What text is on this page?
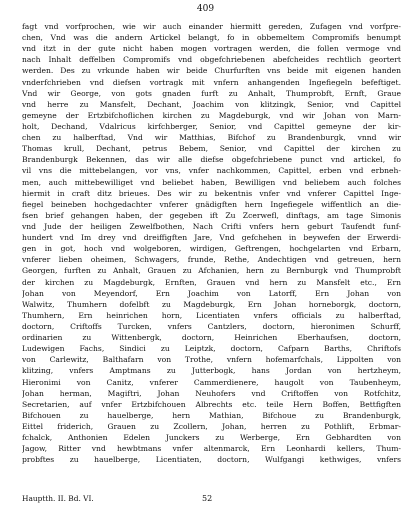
409
fagt vnd vorfprochen, wie wir auch einander hiermitt gereden, Zufagen vnd vorfpre-
chen, Vnd was die andern Artickel belangt, fo in obbemeltem Compromifs benumpt
vnd itzt in der gute nicht haben mogen vortragen werden, die follen vermoge vnd
nach Inhalt deffelben Compromifs vnd obgefchriebenen abefcheides rechtlich geortert
werden. Des zu vrkunde haben wir beide Churfurften vns beide mit eigenen handen
vnderfchrieben vnd diefsen vortragk mit vnfern anhangenden Ingefiegeln befeftiget.
Vnd wir George, von gots gnaden furft zu Anhalt, Thumprobft, Ernft, Graue
vnd herre zu Mansfelt, Dechant, Joachim von klitzingk, Senior, vnd Capittel
gemeyne der Ertzbifchoflichen kirchen zu Magdeburgk, vnd wir Johan von Marn-
holt, Dechand, Vdalricus kirfchberger, Senior, vnd Capittel gemeyne der kir-
chen zu halberftad, Vnd wir Matthias, Bifchof zu Brandenburgk, vnnd wir
Thomas krull, Dechant, petrus Bebem, Senior, vnd Capittel der kirchen zu
Brandenburgk Bekennen, das wir alle diefse obgefchriebene punct vnd artickel, fo
vil vns die mittebelangen, vor vns, vnfer nachkommen, Capittel, erben vnd erbneh-
men, auch mittebewilliget vnd beliebet haben, Bewilligen vnd beliebem auch folches
hiermit in craft ditz brieues. Des wir zu bekentnis vnfer vnd vnferer Capittel Inge-
fiegel beineben hochgedachter vnferer gnädigften hern Ingefiegele wiffentlich an die-
fsen brief gehangen haben, der gegeben ift Zu Zcerwefl, dinftags, am tage Simonis
vnd Jude der heiligen Zewelfbothen, Nach Crifti vnfers hern geburt Taufendt funf-
hundert vnd Im drey vnd dreiffigften Jare, Vnd gefchehen in beywefen der Erwerdi-
gen in got, hoch vnd wolgeboren, wirdigen, Geftrengen, hochgelarten vnd Erbarn,
vnferer lieben oheimen, Schwagers, frunde, Rethe, Andechtigen vnd getreuen, hern
Georgen, furften zu Anhalt, Grauen zu Afchanien, hern zu Bernburgk vnd Thumprobft
der kirchen zu Magdeburgk, Ernften, Grauen vnd hern zu Mansfelt etc., Ern
Johan von Meyendorf, Ern Joachim von Latorff, Ern Johan von
Walwitz, Thumhern dofelbft zu Magdeburgk, Ern Johan horneborgk, doctorn,
Thumhern, Ern heinrichen horn, Licentiaten vnfers officials zu halberftad,
doctorn, Criftoffs Turcken, vnfers Cantzlers, doctorn, hieronimen Schurff,
ordinarien zu Wittenbergk, doctorn, Heinrichen Eberhaufsen, doctorn,
Ludewigen Fachs, Sindici zu Leiptzk, doctorn, Cafparn Barths, Chriftofs
von Carlewitz, Balthafarn von Trothe, vnfern hofemarfchals, Lippolten von
klitzing, vnfers Amptmans zu Jutterbogk, hans Jordan von hertzheym,
Hieronimi von Canitz, vnferer Cammerdienere, haugolt von Taubenheym,
Johan herman, Magiftri, Johan Neuhofers vnd Criftoffen von Rotfchitz,
Secretarien, auf vnfer Ertzbifchouen Albrechts etc. teile Hern Boffen, Bettfigften
Bifchouen zu hauelberge, hern Mathian, Bifchoue zu Brandenburgk,
Eittel friderich, Grauen zu Zcollern, Johan, herren zu Pothlift, Erbmar-
fchalck, Anthonien Edelen Junckers zu Werberge, Ern Gebhardten von
Jagow, Ritter vnd hewbtmans vnfer altenmarck, Ern Leonhardi kellers, Thum-
probftes zu hauelberge, Licentiaten, doctorn, Wulfgangi kethwiges, vnfers
Hauptth. II. Bd. VI.	52
